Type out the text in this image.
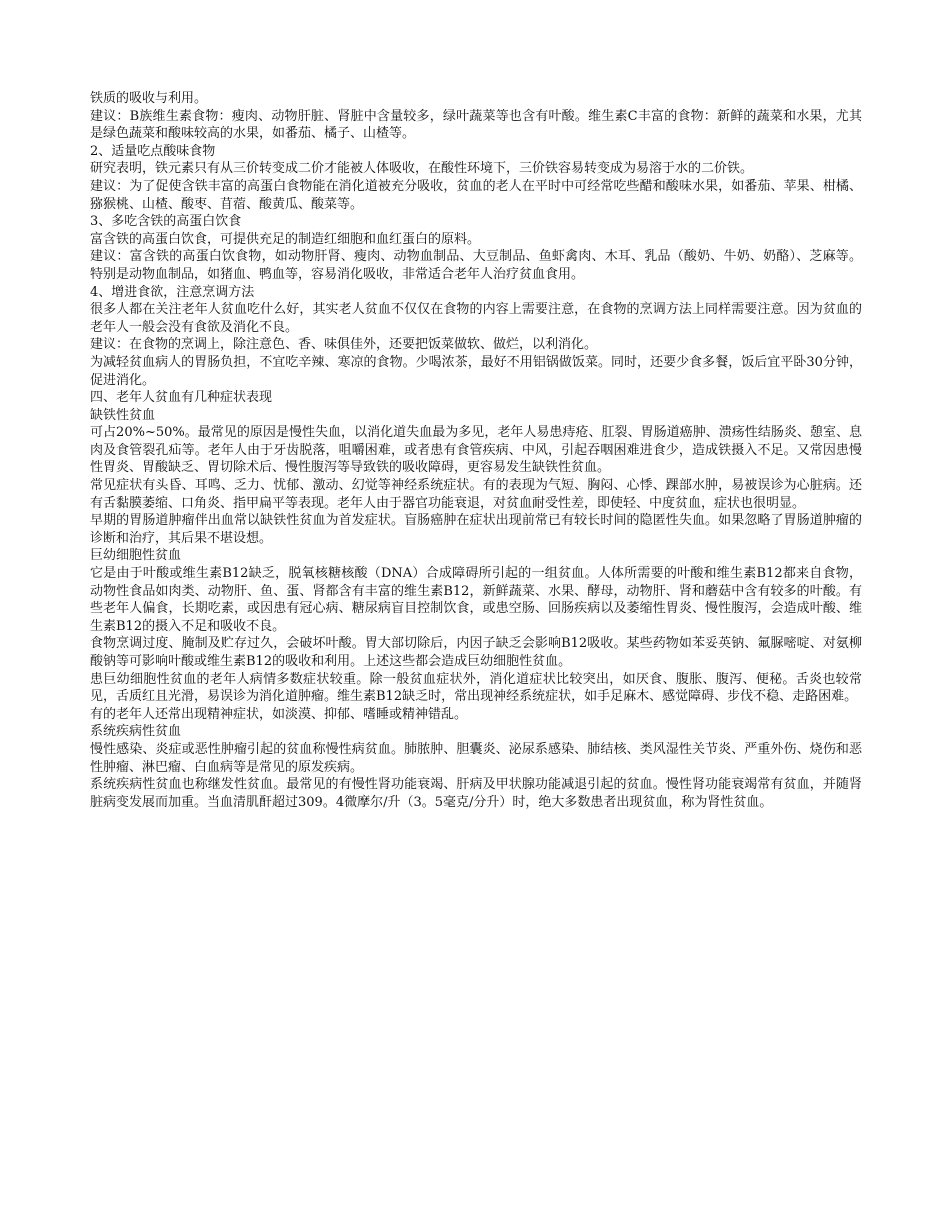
铁质的吸收与利用。

建议：B族维生素食物：瘦肉、动物肝脏、肾脏中含量较多，绿叶蔬菜等也含有叶酸。维生素C丰富的食物：新鲜的蔬菜和水果，尤其是绿色蔬菜和酸味较高的水果，如番茄、橘子、山楂等。

2、适量吃点酸味食物

研究表明，铁元素只有从三价转变成二价才能被人体吸收，在酸性环境下，三价铁容易转变成为易溶于水的二价铁。

建议：为了促使含铁丰富的高蛋白食物能在消化道被充分吸收，贫血的老人在平时中可经常吃些醋和酸味水果，如番茄、苹果、柑橘、猕猴桃、山楂、酸枣、苜蓿、酸黄瓜、酸菜等。

3、多吃含铁的高蛋白饮食

富含铁的高蛋白饮食，可提供充足的制造红细胞和血红蛋白的原料。

建议：富含铁的高蛋白饮食物，如动物肝肾、瘦肉、动物血制品、大豆制品、鱼虾禽肉、木耳、乳品（酸奶、牛奶、奶酪）、芝麻等。特别是动物血制品，如猪血、鸭血等，容易消化吸收，非常适合老年人治疗贫血食用。

4、增进食欲，注意烹调方法

很多人都在关注老年人贫血吃什么好，其实老人贫血不仅仅在食物的内容上需要注意，在食物的烹调方法上同样需要注意。因为贫血的老年人一般会没有食欲及消化不良。

建议：在食物的烹调上，除注意色、香、味俱佳外，还要把饭菜做软、做烂，以利消化。

为减轻贫血病人的胃肠负担，不宜吃辛辣、寒凉的食物。少喝浓茶，最好不用铝锅做饭菜。同时，还要少食多餐，饭后宜平卧30分钟，促进消化。

四、老年人贫血有几种症状表现

缺铁性贫血

可占20%~50%。最常见的原因是慢性失血，以消化道失血最为多见，老年人易患痔疮、肛裂、胃肠道癌肿、溃疡性结肠炎、憩室、息肉及食管裂孔疝等。老年人由于牙齿脱落，咀嚼困难，或者患有食管疾病、中风，引起吞咽困难进食少，造成铁摄入不足。又常因患慢性胃炎、胃酸缺乏、胃切除术后、慢性腹泻等导致铁的吸收障碍，更容易发生缺铁性贫血。

常见症状有头昏、耳鸣、乏力、忧郁、激动、幻觉等神经系统症状。有的表现为气短、胸闷、心悸、踝部水肿，易被误诊为心脏病。还有舌黏膜萎缩、口角炎、指甲扁平等表现。老年人由于器官功能衰退，对贫血耐受性差，即使轻、中度贫血，症状也很明显。

早期的胃肠道肿瘤伴出血常以缺铁性贫血为首发症状。盲肠癌肿在症状出现前常已有较长时间的隐匿性失血。如果忽略了胃肠道肿瘤的诊断和治疗，其后果不堪设想。

巨幼细胞性贫血

它是由于叶酸或维生素B12缺乏，脱氧核糖核酸（DNA）合成障碍所引起的一组贫血。人体所需要的叶酸和维生素B12都来自食物，动物性食品如肉类、动物肝、鱼、蛋、肾都含有丰富的维生素B12，新鲜蔬菜、水果、酵母，动物肝、肾和蘑菇中含有较多的叶酸。有些老年人偏食，长期吃素，或因患有冠心病、糖尿病盲目控制饮食，或患空肠、回肠疾病以及萎缩性胃炎、慢性腹泻，会造成叶酸、维生素B12的摄入不足和吸收不良。

食物烹调过度、腌制及贮存过久，会破坏叶酸。胃大部切除后，内因子缺乏会影响B12吸收。某些药物如苯妥英钠、氟脲嘧啶、对氨柳酸钠等可影响叶酸或维生素B12的吸收和利用。上述这些都会造成巨幼细胞性贫血。

患巨幼细胞性贫血的老年人病情多数症状较重。除一般贫血症状外，消化道症状比较突出，如厌食、腹胀、腹泻、便秘。舌炎也较常见，舌质红且光滑，易误诊为消化道肿瘤。维生素B12缺乏时，常出现神经系统症状，如手足麻木、感觉障碍、步伐不稳、走路困难。

有的老年人还常出现精神症状，如淡漠、抑郁、嗜睡或精神错乱。

系统疾病性贫血

慢性感染、炎症或恶性肿瘤引起的贫血称慢性病贫血。肺脓肿、胆囊炎、泌尿系感染、肺结核、类风湿性关节炎、严重外伤、烧伤和恶性肿瘤、淋巴瘤、白血病等是常见的原发疾病。

系统疾病性贫血也称继发性贫血。最常见的有慢性肾功能衰竭、肝病及甲状腺功能减退引起的贫血。慢性肾功能衰竭常有贫血，并随肾脏病变发展而加重。当血清肌酐超过309。4微摩尔/升（3。5毫克/分升）时，绝大多数患者出现贫血，称为肾性贫血。
